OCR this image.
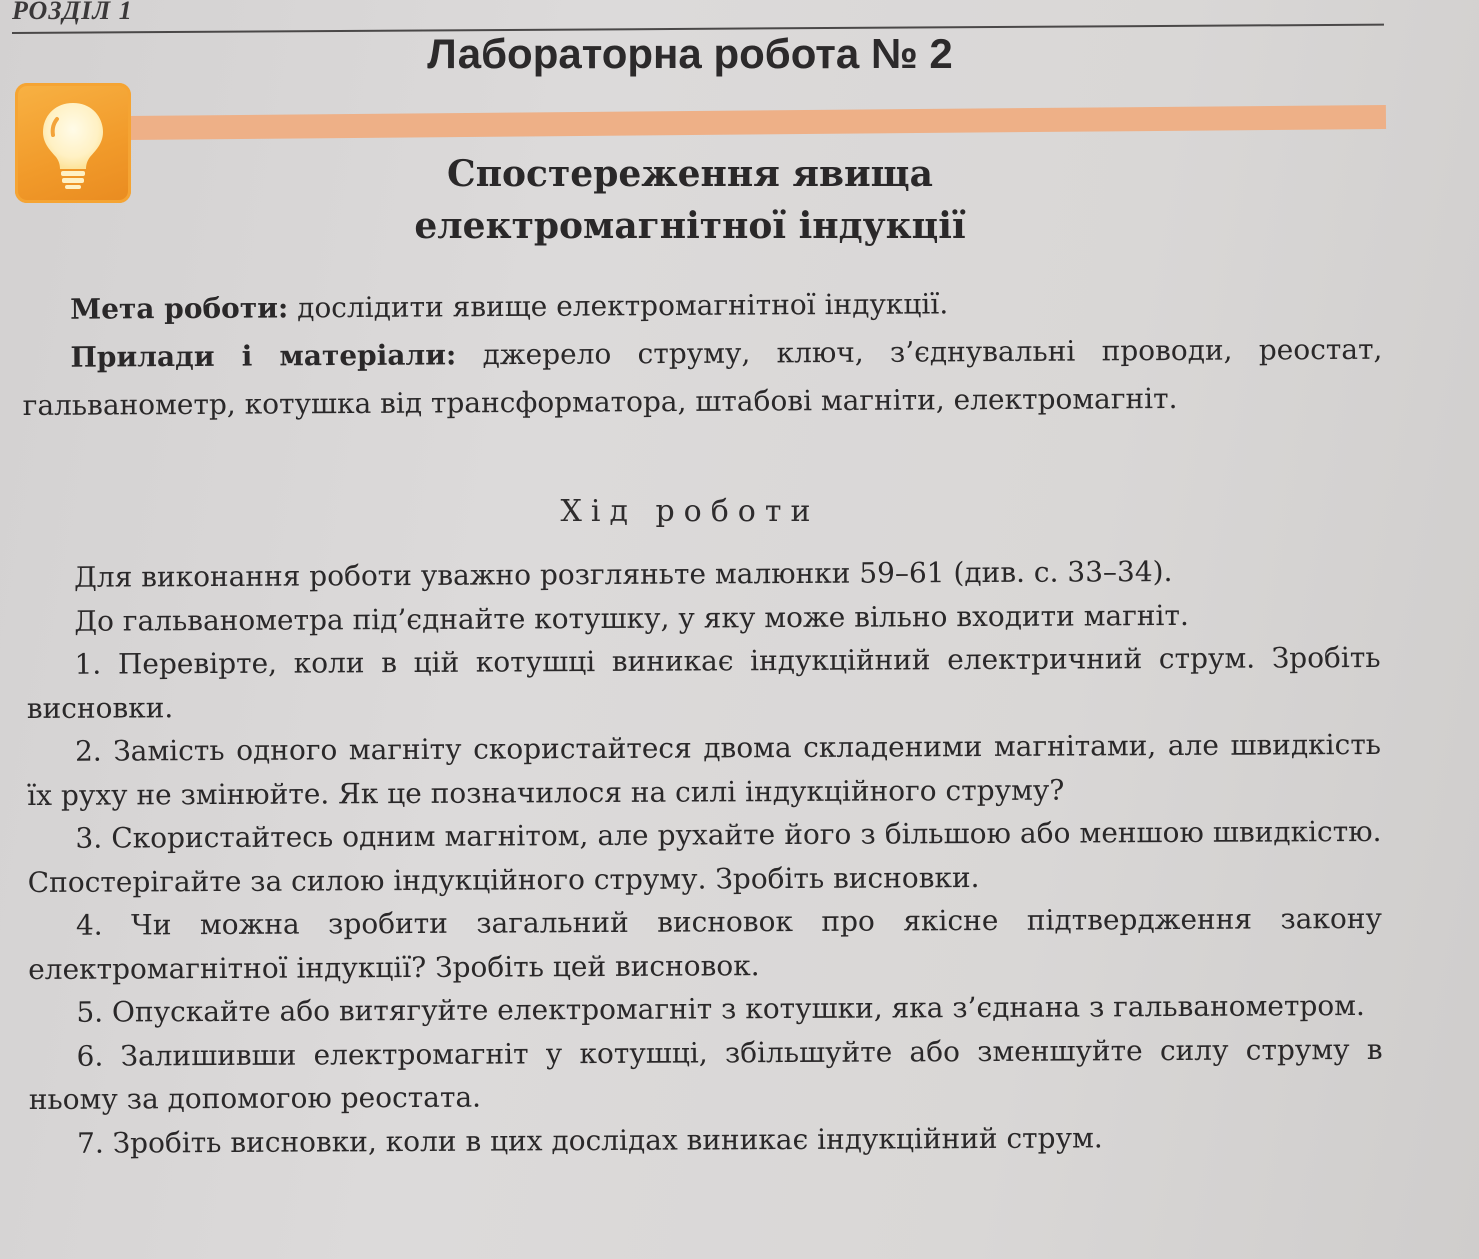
РОЗДІЛ 1
Лабораторна робота № 2
Спостереження явища
електромагнітної індукції

Мета роботи: дослідити явище електромагнітної індукції.

Прилади і матеріали: джерело струму, ключ, з’єднувальні проводи, реостат, гальванометр, котушка від трансформатора, штабові магніти, електромагніт.

Хід роботи

Для виконання роботи уважно розгляньте малюнки 59–61 (див. с. 33–34).

До гальванометра під’єднайте котушку, у яку може вільно входити магніт.

1. Перевірте, коли в цій котушці виникає індукційний електричний струм. Зробіть висновки.

2. Замість одного магніту скористайтеся двома складеними магнітами, але швидкість їх руху не змінюйте. Як це позначилося на силі індукційного струму?

3. Скористайтесь одним магнітом, але рухайте його з більшою або меншою швидкістю. Спостерігайте за силою індукційного струму. Зробіть висновки.

4. Чи можна зробити загальний висновок про якісне підтвердження закону електромагнітної індукції? Зробіть цей висновок.

5. Опускайте або витягуйте електромагніт з котушки, яка з’єднана з гальванометром.

6. Залишивши електромагніт у котушці, збільшуйте або зменшуйте силу струму в ньому за допомогою реостата.

7. Зробіть висновки, коли в цих дослідах виникає індукційний струм.
